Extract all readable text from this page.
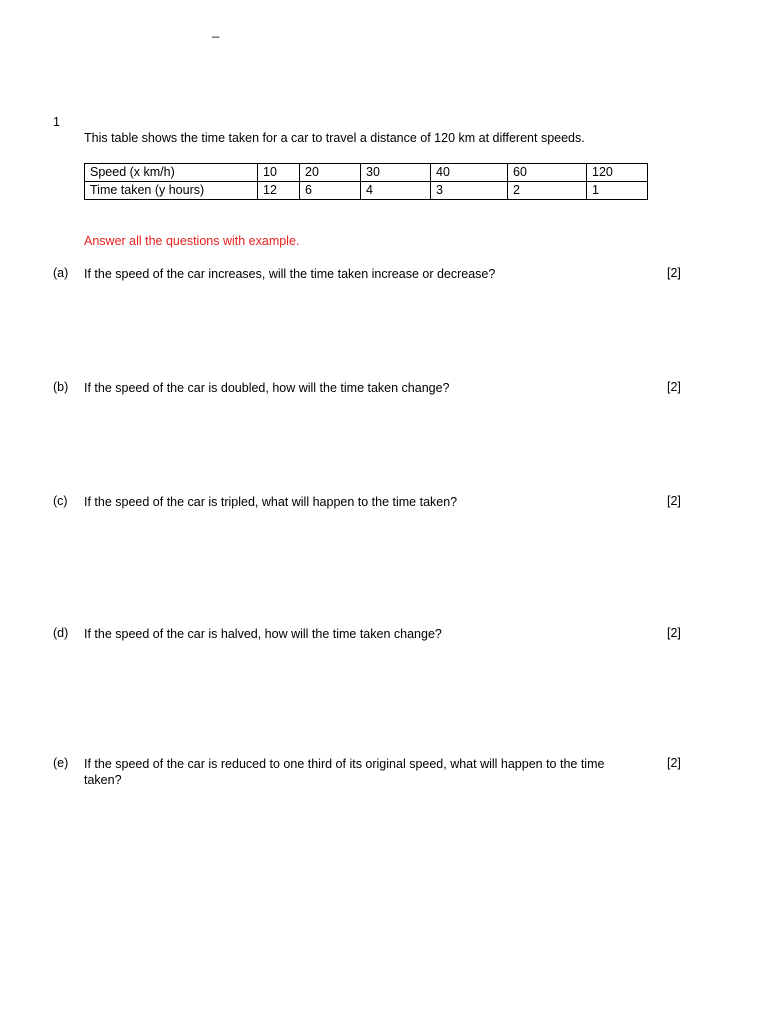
_
1
This table shows the time taken for a car to travel a distance of 120 km at different speeds.
Speed (x km/h)	10	20	30	40	60	120
Time taken (y hours)	12	6	4	3	2	1
Answer all the questions with example.
(a)	If the speed of the car increases, will the time taken increase or decrease?	[2]
(b)	If the speed of the car is doubled, how will the time taken change?	[2]
(c)	If the speed of the car is tripled, what will happen to the time taken?	[2]
(d)	If the speed of the car is halved, how will the time taken change?	[2]
(e)	If the speed of the car is reduced to one third of its original speed, what will happen to the time taken?
[2]
